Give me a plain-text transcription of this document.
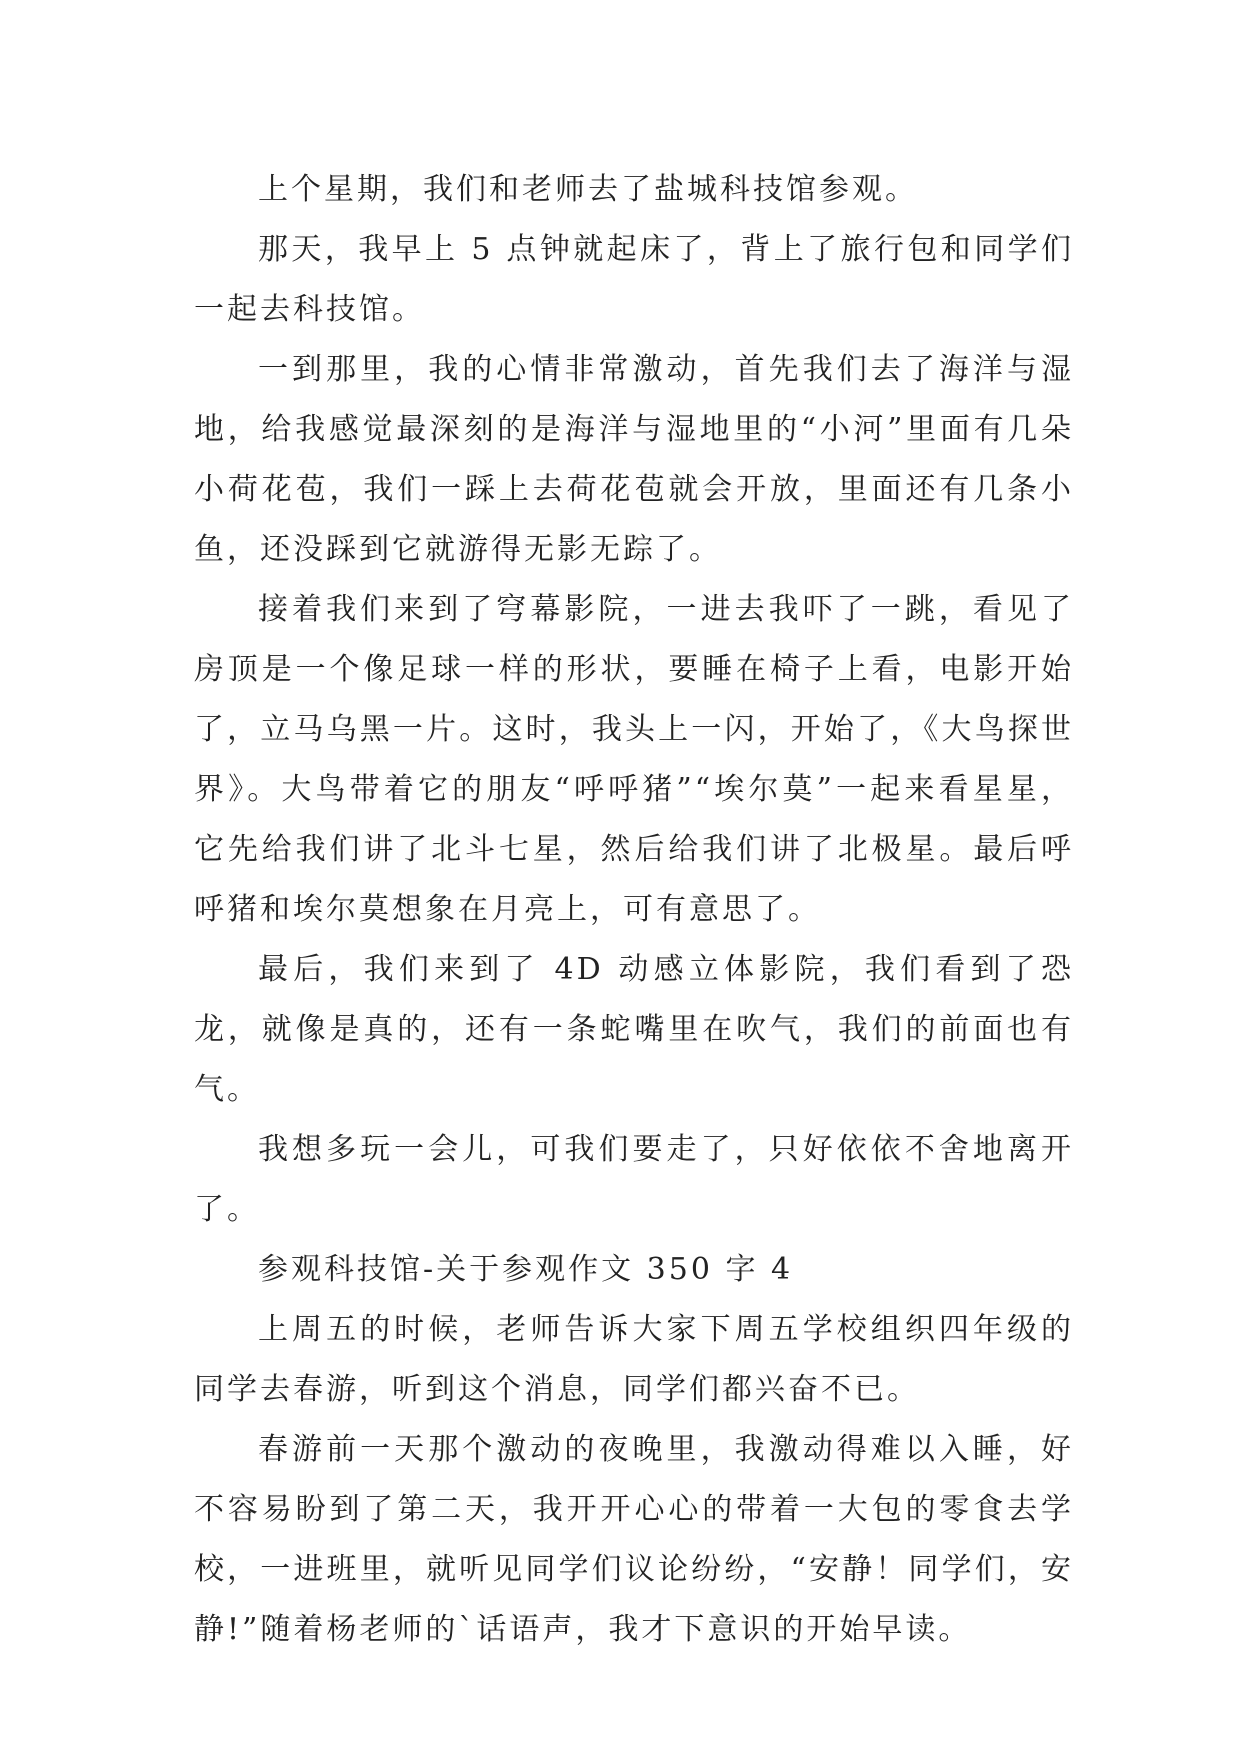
上个星期，我们和老师去了盐城科技馆参观。

那天，我早上 5 点钟就起床了，背上了旅行包和同学们一起去科技馆。

一到那里，我的心情非常激动，首先我们去了海洋与湿地，给我感觉最深刻的是海洋与湿地里的“小河”里面有几朵小荷花苞，我们一踩上去荷花苞就会开放，里面还有几条小鱼，还没踩到它就游得无影无踪了。

接着我们来到了穹幕影院，一进去我吓了一跳，看见了房顶是一个像足球一样的形状，要睡在椅子上看，电影开始了，立马乌黑一片。这时，我头上一闪，开始了，《大鸟探世界》。大鸟带着它的朋友“呼呼猪”“埃尔莫”一起来看星星，它先给我们讲了北斗七星，然后给我们讲了北极星。最后呼呼猪和埃尔莫想象在月亮上，可有意思了。

最后，我们来到了 4D 动感立体影院，我们看到了恐龙，就像是真的，还有一条蛇嘴里在吹气，我们的前面也有气。

我想多玩一会儿，可我们要走了，只好依依不舍地离开了。

参观科技馆-关于参观作文 350 字 4

上周五的时候，老师告诉大家下周五学校组织四年级的同学去春游，听到这个消息，同学们都兴奋不已。

春游前一天那个激动的夜晚里，我激动得难以入睡，好不容易盼到了第二天，我开开心心的带着一大包的零食去学校，一进班里，就听见同学们议论纷纷，“安静！同学们，安静!”随着杨老师的`话语声，我才下意识的开始早读。
